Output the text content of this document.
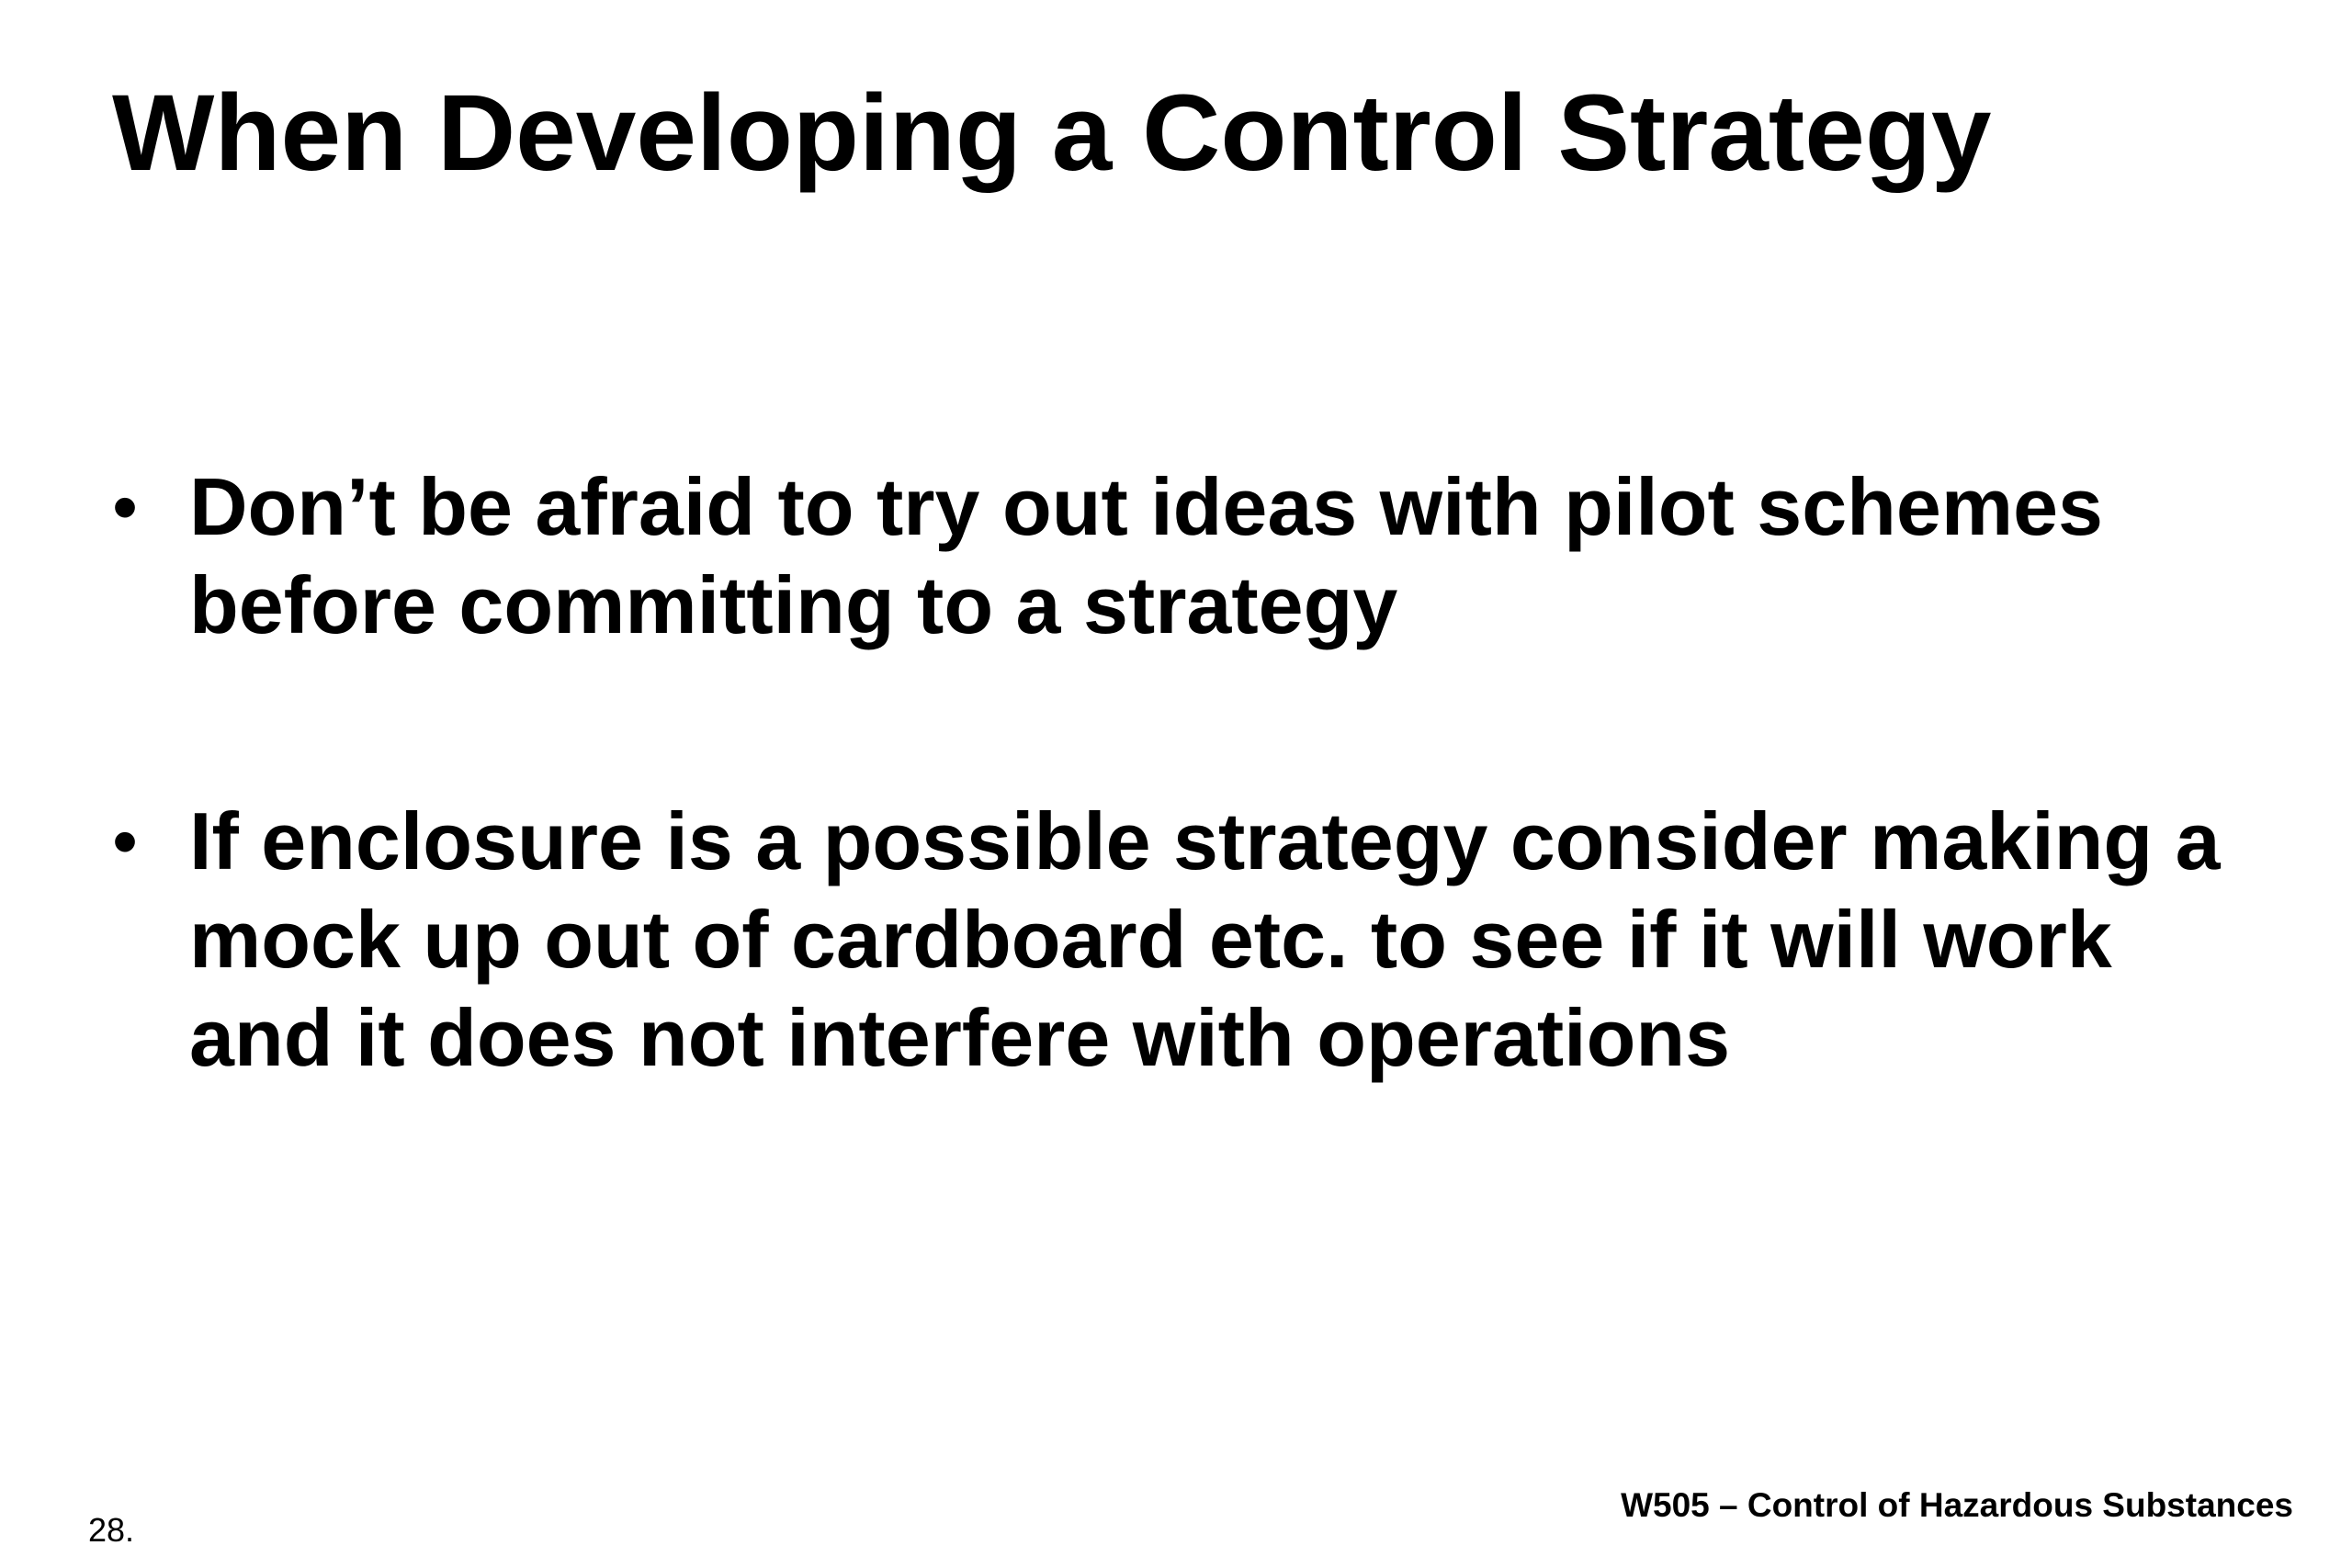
When Developing a Control Strategy
• Don’t be afraid to try out ideas with pilot schemes
before committing to a strategy
• If enclosure is a possible strategy consider making a
mock up out of cardboard etc. to see if it will work
and it does not interfere with operations
28.
W505 – Control of Hazardous Substances
